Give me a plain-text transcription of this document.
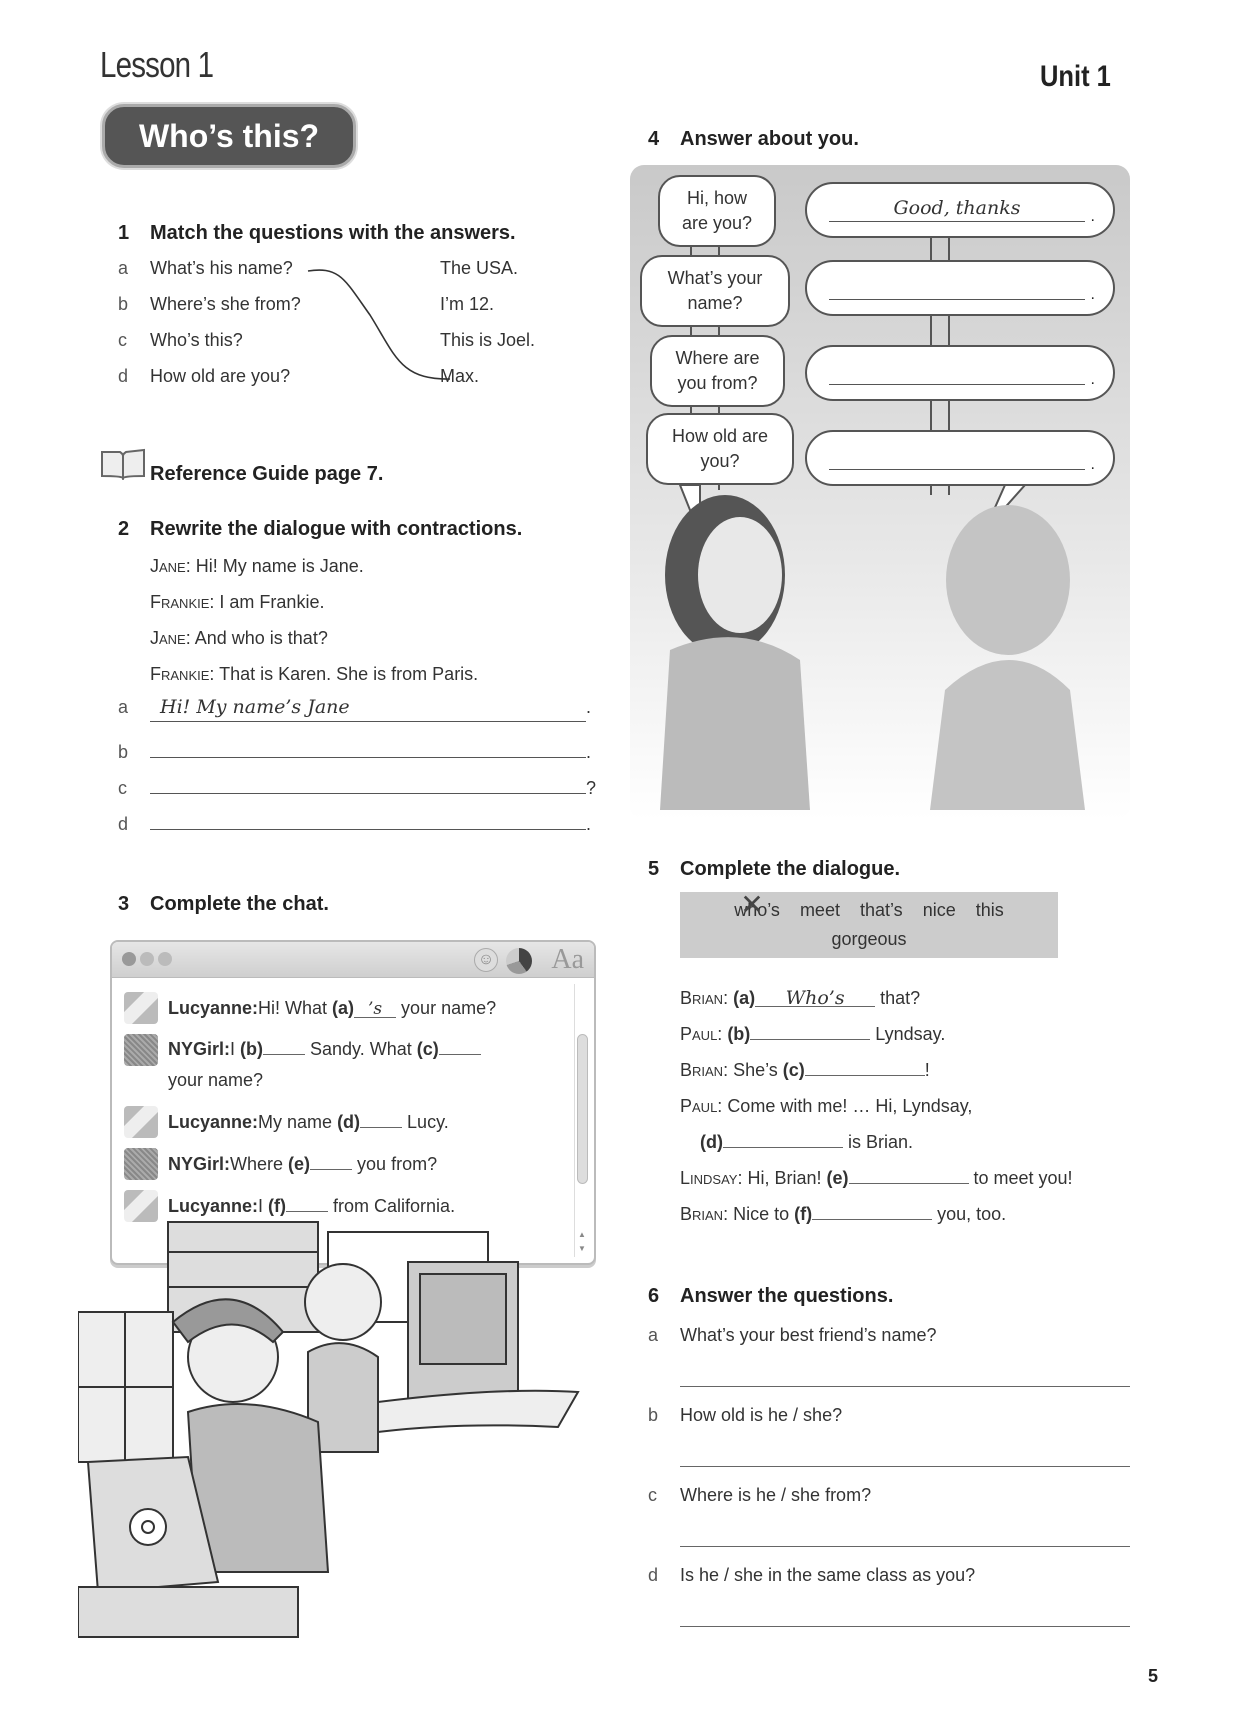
Lesson 1	Unit 1
Who’s this?
1 Match the questions with the answers.
a	What’s his name?	The USA.
b	Where’s she from?	I’m 12.
c	Who’s this?	This is Joel.
d	How old are you?	Max.
Reference Guide page 7.
2 Rewrite the dialogue with contractions.
Jane: Hi! My name is Jane.
Frankie: I am Frankie.
Jane: And who is that?
Frankie: That is Karen. She is from Paris.
a	Hi! My name’s Jane	.
b	.
c	?
d	.
3 Complete the chat.
☺ Aa
Lucyanne:Hi! What (a) ’s your name?
NYGirl:I (b) Sandy. What (c)
your name?
Lucyanne:My name (d) Lucy.
NYGirl:Where (e) you from?
Lucyanne:I (f) from California.
▲
▼
4 Answer about you.
Hi, how are you?
What’s your name?
Where are you from?
How old are you?
Good, thanks	.
.
.
.
5 Complete the dialogue.
who’s ✕ meet that’s nice this
gorgeous
Brian: (a) Who’s that?
Paul: (b)	Lyndsay.
Brian: She’s (c)	!
Paul: Come with me! … Hi, Lyndsay,
(d)	is Brian.
Lindsay: Hi, Brian! (e)	to meet you!
Brian: Nice to (f)	you, too.
6 Answer the questions.
a	What’s your best friend’s name?
b	How old is he / she?
c	Where is he / she from?
d	Is he / she in the same class as you?
5
